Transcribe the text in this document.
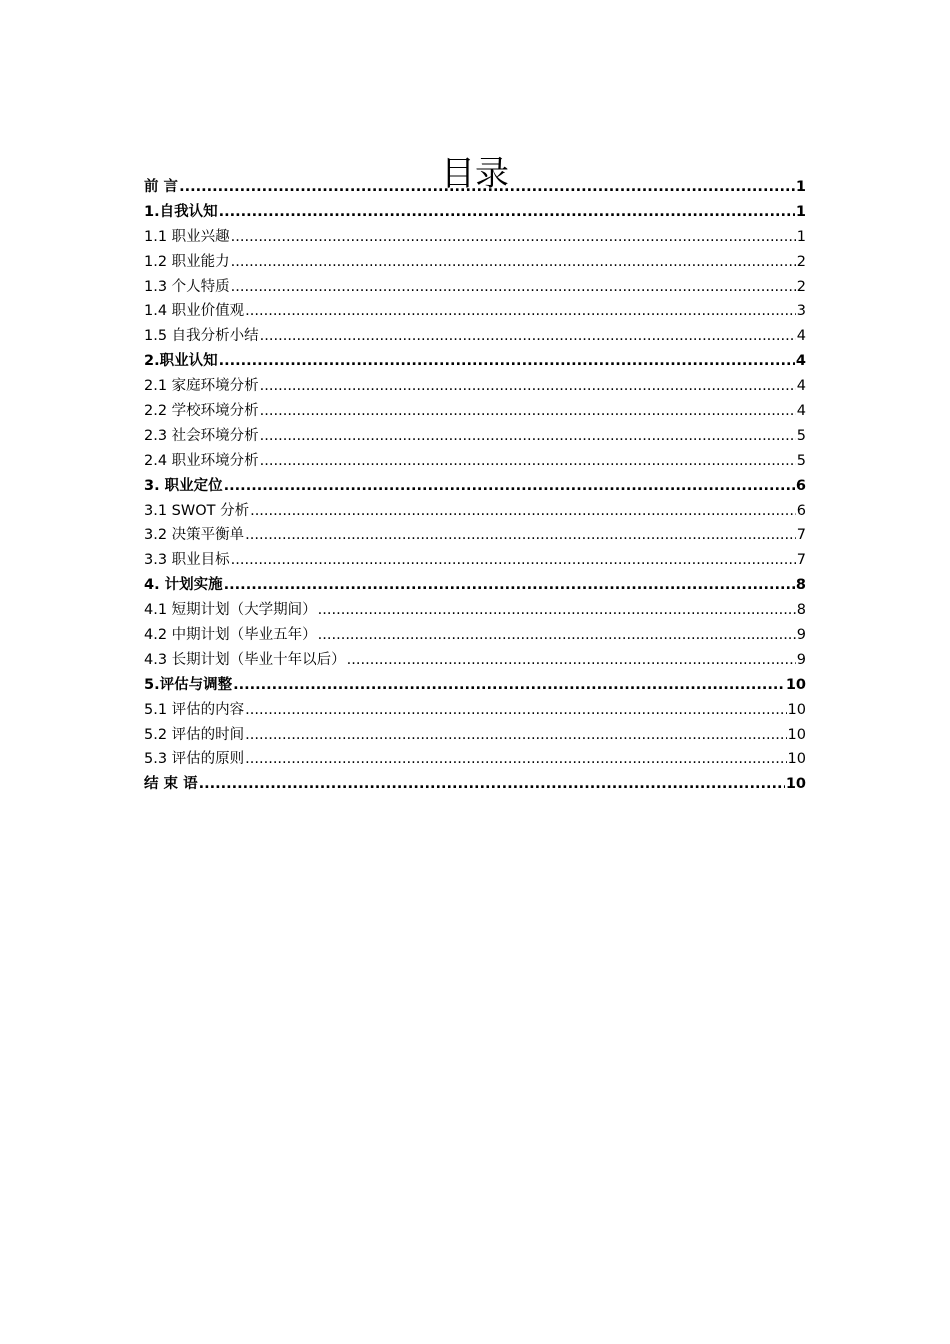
目录
前 言 .....	1
1.自我认知 .....	1
1.1 职业兴趣 .....	1
1.2 职业能力 .....	2
1.3 个人特质 .....	2
1.4 职业价值观 .....	3
1.5 自我分析小结 .....	4
2.职业认知 .....	4
2.1 家庭环境分析 .....	4
2.2 学校环境分析 .....	4
2.3 社会环境分析 .....	5
2.4 职业环境分析 .....	5
3. 职业定位 .....	6
3.1 SWOT 分析 .....	6
3.2 决策平衡单 .....	7
3.3 职业目标 .....	7
4. 计划实施 .....	8
4.1 短期计划（大学期间） .....	8
4.2 中期计划（毕业五年） .....	9
4.3 长期计划（毕业十年以后） .....	9
5.评估与调整 .....	10
5.1 评估的内容 .....	10
5.2 评估的时间 .....	10
5.3 评估的原则 .....	10
结 束 语 .....	10
